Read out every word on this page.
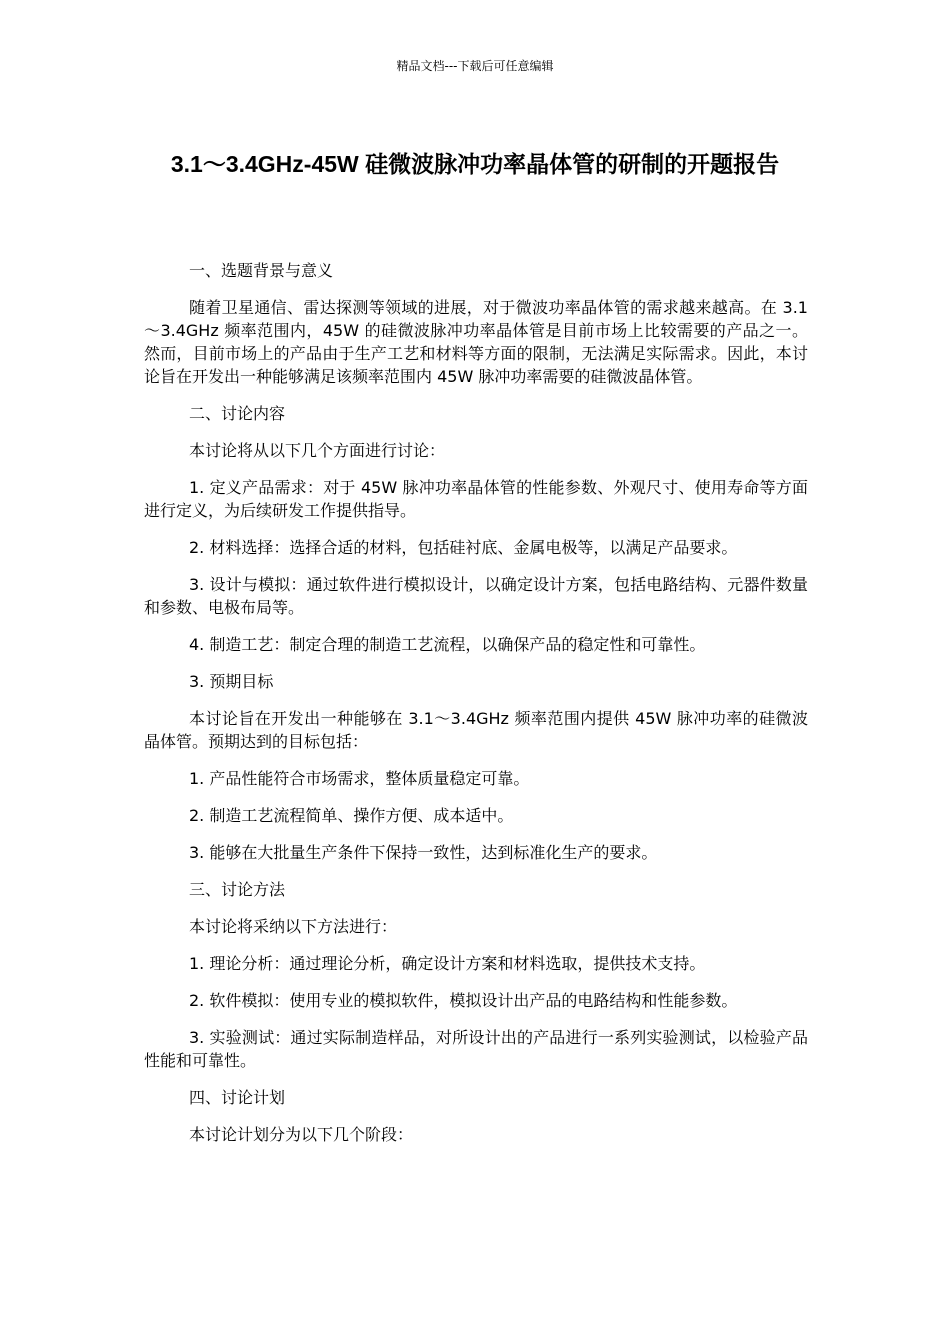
精品文档---下载后可任意编辑
3.1～3.4GHz-45W 硅微波脉冲功率晶体管的研制的开题报告

一、选题背景与意义

随着卫星通信、雷达探测等领域的进展，对于微波功率晶体管的需求越来越高。在 3.1～3.4GHz 频率范围内，45W 的硅微波脉冲功率晶体管是目前市场上比较需要的产品之一。然而，目前市场上的产品由于生产工艺和材料等方面的限制，无法满足实际需求。因此，本讨论旨在开发出一种能够满足该频率范围内 45W 脉冲功率需要的硅微波晶体管。

二、讨论内容

本讨论将从以下几个方面进行讨论：

1. 定义产品需求：对于 45W 脉冲功率晶体管的性能参数、外观尺寸、使用寿命等方面进行定义，为后续研发工作提供指导。

2. 材料选择：选择合适的材料，包括硅衬底、金属电极等，以满足产品要求。

3. 设计与模拟：通过软件进行模拟设计，以确定设计方案，包括电路结构、元器件数量和参数、电极布局等。

4. 制造工艺：制定合理的制造工艺流程，以确保产品的稳定性和可靠性。

3. 预期目标

本讨论旨在开发出一种能够在 3.1～3.4GHz 频率范围内提供 45W 脉冲功率的硅微波晶体管。预期达到的目标包括：

1. 产品性能符合市场需求，整体质量稳定可靠。

2. 制造工艺流程简单、操作方便、成本适中。

3. 能够在大批量生产条件下保持一致性，达到标准化生产的要求。

三、讨论方法

本讨论将采纳以下方法进行：

1. 理论分析：通过理论分析，确定设计方案和材料选取，提供技术支持。

2. 软件模拟：使用专业的模拟软件，模拟设计出产品的电路结构和性能参数。

3. 实验测试：通过实际制造样品，对所设计出的产品进行一系列实验测试，以检验产品性能和可靠性。

四、讨论计划

本讨论计划分为以下几个阶段：
